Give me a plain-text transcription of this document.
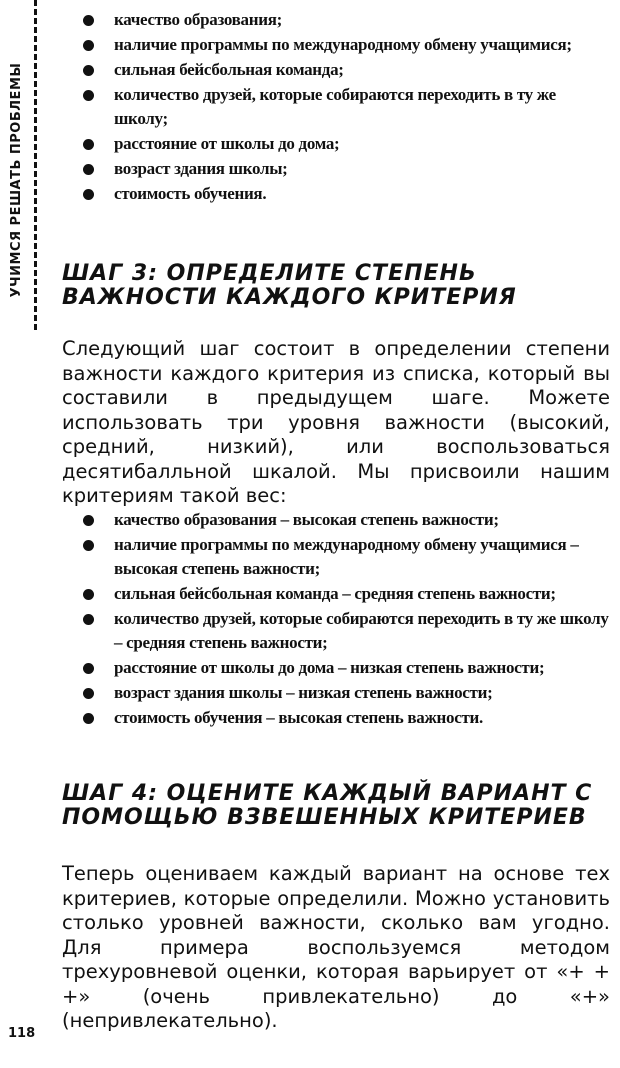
УЧИМСЯ РЕШАТЬ ПРОБЛЕМЫ
качество образования;
наличие программы по международному обмену учащимися;
сильная бейсбольная команда;
количество друзей, которые собираются переходить в ту же школу;
расстояние от школы до дома;
возраст здания школы;
стоимость обучения.
ШАГ 3: ОПРЕДЕЛИТЕ СТЕПЕНЬ ВАЖНОСТИ КАЖДОГО КРИТЕРИЯ
Следующий шаг состоит в определении степени важности каждого критерия из списка, который вы составили в предыдущем шаге. Можете использовать три уровня важности (высокий, средний, низкий), или воспользоваться десятибалльной шкалой. Мы присвоили нашим критериям такой вес:
качество образования – высокая степень важности;
наличие программы по международному обмену учащимися – высокая степень важности;
сильная бейсбольная команда – средняя степень важности;
количество друзей, которые собираются переходить в ту же школу – средняя степень важности;
расстояние от школы до дома – низкая степень важности;
возраст здания школы – низкая степень важности;
стоимость обучения – высокая степень важности.
ШАГ 4: ОЦЕНИТЕ КАЖДЫЙ ВАРИАНТ С ПОМОЩЬЮ ВЗВЕШЕННЫХ КРИТЕРИЕВ
Теперь оцениваем каждый вариант на основе тех критериев, которые определили. Можно установить столько уровней важности, сколько вам угодно. Для примера воспользуемся методом трехуровневой оценки, которая варьирует от «+ + +» (очень привлекательно) до «+» (непривлекательно).
118
